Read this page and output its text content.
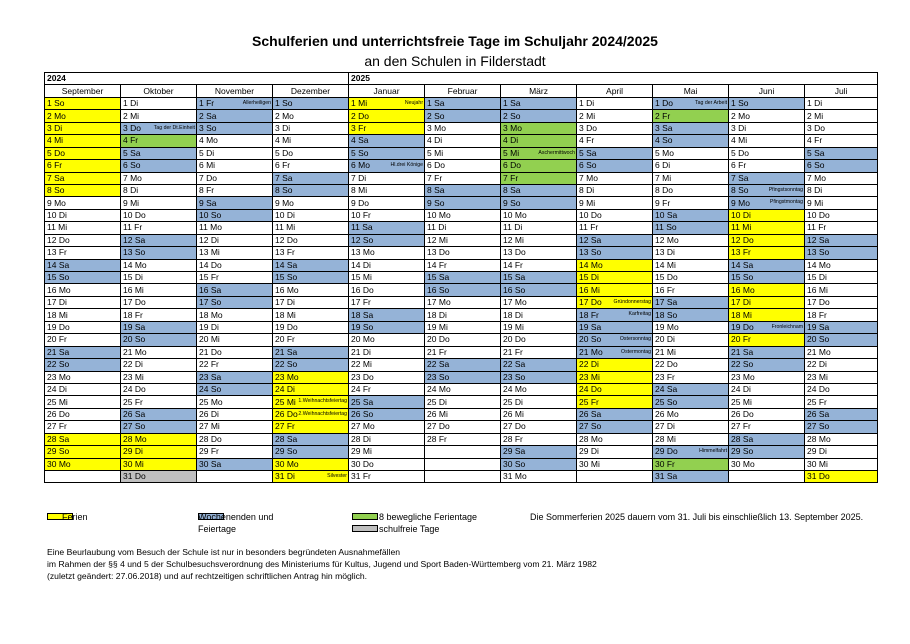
Schulferien und unterrichtsfreie Tage im Schuljahr 2024/2025
an den Schulen in Filderstadt
2024				2025						
September	Oktober	November	Dezember	Januar	Februar	März	April	Mai	Juni	Juli
1 So	1 Di	1 Fr Allerheiligen	1 So	1 Mi Neujahr	1 Sa	1 Sa	1 Di	1 Do Tag der Arbeit	1 So	1 Di
2 Mo	2 Mi	2 Sa	2 Mo	2 Do	2 So	2 So	2 Mi	2 Fr	2 Mo	2 Mi
3 Di	3 Do Tag der Dt.Einheit	3 So	3 Di	3 Fr	3 Mo	3 Mo	3 Do	3 Sa	3 Di	3 Do
4 Mi	4 Fr	4 Mo	4 Mi	4 Sa	4 Di	4 Di	4 Fr	4 So	4 Mi	4 Fr
5 Do	5 Sa	5 Di	5 Do	5 So	5 Mi	5 Mi Aschermittwoch	5 Sa	5 Mo	5 Do	5 Sa
6 Fr	6 So	6 Mi	6 Fr	6 Mo Hl.drei Könige	6 Do	6 Do	6 So	6 Di	6 Fr	6 So
7 Sa	7 Mo	7 Do	7 Sa	7 Di	7 Fr	7 Fr	7 Mo	7 Mi	7 Sa	7 Mo
8 So	8 Di	8 Fr	8 So	8 Mi	8 Sa	8 Sa	8 Di	8 Do	8 So Pfingstsonntag	8 Di
9 Mo	9 Mi	9 Sa	9 Mo	9 Do	9 So	9 So	9 Mi	9 Fr	9 Mo Pfingstmontag	9 Mi
10 Di	10 Do	10 So	10 Di	10 Fr	10 Mo	10 Mo	10 Do	10 Sa	10 Di	10 Do
11 Mi	11 Fr	11 Mo	11 Mi	11 Sa	11 Di	11 Di	11 Fr	11 So	11 Mi	11 Fr
12 Do	12 Sa	12 Di	12 Do	12 So	12 Mi	12 Mi	12 Sa	12 Mo	12 Do	12 Sa
13 Fr	13 So	13 Mi	13 Fr	13 Mo	13 Do	13 Do	13 So	13 Di	13 Fr	13 So
14 Sa	14 Mo	14 Do	14 Sa	14 Di	14 Fr	14 Fr	14 Mo	14 Mi	14 Sa	14 Mo
15 So	15 Di	15 Fr	15 So	15 Mi	15 Sa	15 Sa	15 Di	15 Do	15 So	15 Di
16 Mo	16 Mi	16 Sa	16 Mo	16 Do	16 So	16 So	16 Mi	16 Fr	16 Mo	16 Mi
17 Di	17 Do	17 So	17 Di	17 Fr	17 Mo	17 Mo	17 Do Gründonnerstag	17 Sa	17 Di	17 Do
18 Mi	18 Fr	18 Mo	18 Mi	18 Sa	18 Di	18 Di	18 Fr Karfreitag	18 So	18 Mi	18 Fr
19 Do	19 Sa	19 Di	19 Do	19 So	19 Mi	19 Mi	19 Sa	19 Mo	19 Do Fronleichnam	19 Sa
20 Fr	20 So	20 Mi	20 Fr	20 Mo	20 Do	20 Do	20 So Ostersonntag	20 Di	20 Fr	20 So
21 Sa	21 Mo	21 Do	21 Sa	21 Di	21 Fr	21 Fr	21 Mo Ostermontag	21 Mi	21 Sa	21 Mo
22 So	22 Di	22 Fr	22 So	22 Mi	22 Sa	22 Sa	22 Di	22 Do	22 So	22 Di
23 Mo	23 Mi	23 Sa	23 Mo	23 Do	23 So	23 So	23 Mi	23 Fr	23 Mo	23 Mi
24 Di	24 Do	24 So	24 Di	24 Fr	24 Mo	24 Mo	24 Do	24 Sa	24 Di	24 Do
25 Mi	25 Fr	25 Mo	25 Mi 1.Weihnachtsfeiertag	25 Sa	25 Di	25 Di	25 Fr	25 So	25 Mi	25 Fr
26 Do	26 Sa	26 Di	26 Do 2.Weihnachtsfeiertag	26 So	26 Mi	26 Mi	26 Sa	26 Mo	26 Do	26 Sa
27 Fr	27 So	27 Mi	27 Fr	27 Mo	27 Do	27 Do	27 So	27 Di	27 Fr	27 So
28 Sa	28 Mo	28 Do	28 Sa	28 Di	28 Fr	28 Fr	28 Mo	28 Mi	28 Sa	28 Mo
29 So	29 Di	29 Fr	29 So	29 Mi		29 Sa	29 Di	29 Do Himmelfahrt	29 So	29 Di
30 Mo	30 Mi	30 Sa	30 Mo	30 Do		30 So	30 Mi	30 Fr	30 Mo	30 Mi
	31 Do		31 Di Silvester	31 Fr		31 Mo		31 Sa		31 Do
Ferien	Wochenenden und
Feiertage
8 bewegliche Ferientage
schulfreie Tage
Die Sommerferien 2025 dauern vom 31. Juli bis einschließlich 13. September 2025.
Eine Beurlaubung vom Besuch der Schule ist nur in besonders begründeten Ausnahmefällen
im Rahmen der §§ 4 und 5 der Schulbesuchsverordnung des Ministeriums für Kultus, Jugend und Sport Baden-Württemberg vom 21. März 1982
(zuletzt geändert: 27.06.2018) und auf rechtzeitigen schriftlichen Antrag hin möglich.
